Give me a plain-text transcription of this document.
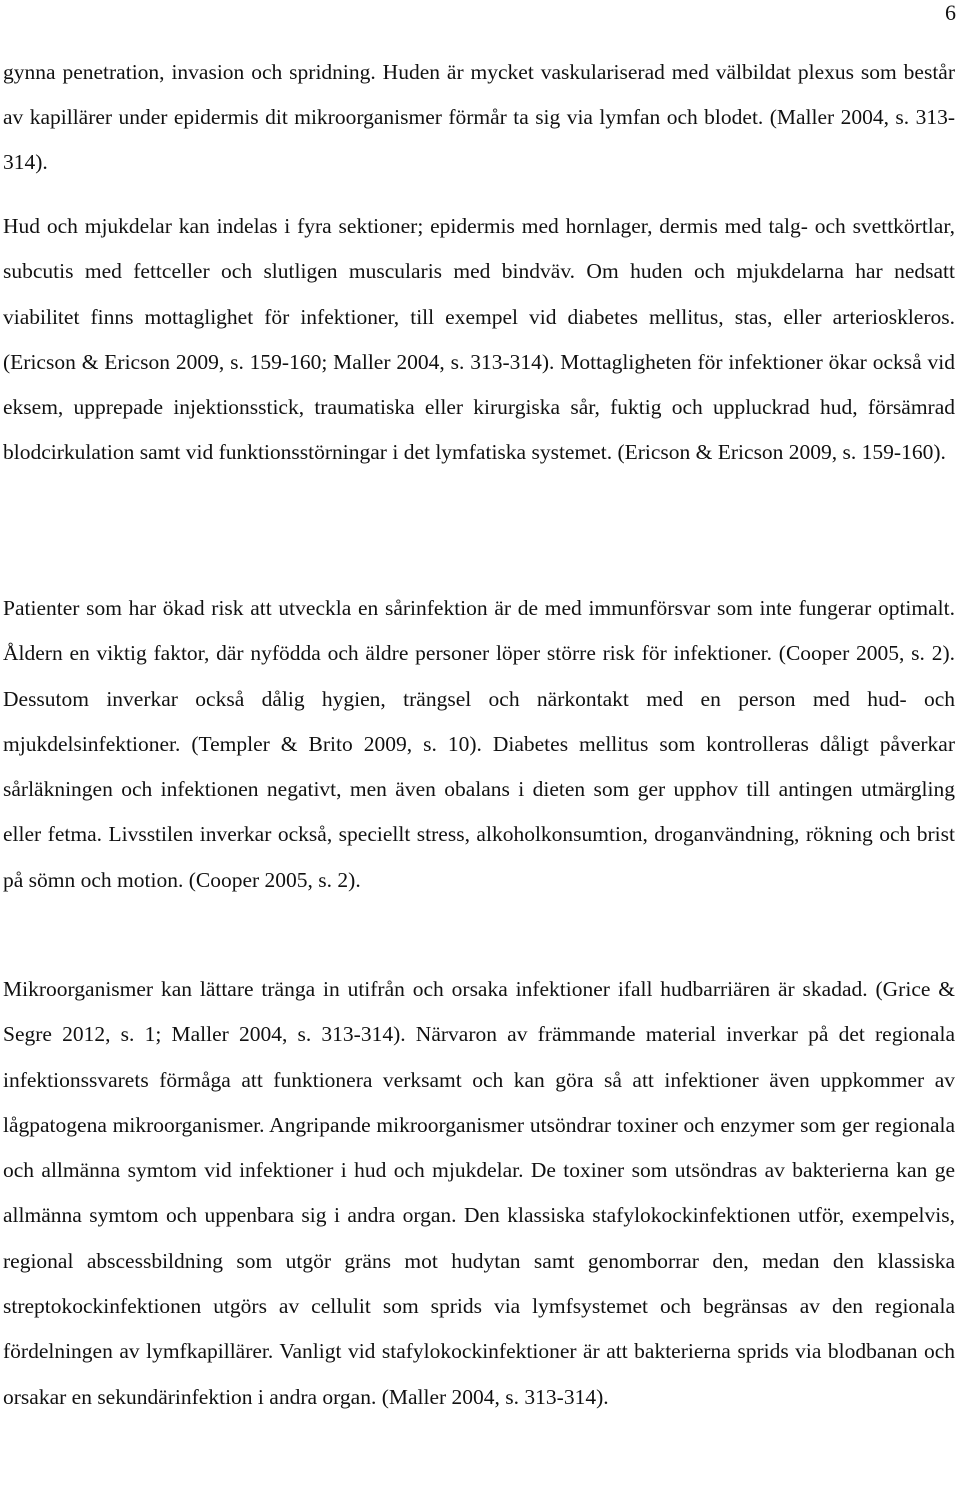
6

gynna penetration, invasion och spridning. Huden är mycket vaskulariserad med välbildat plexus som består av kapillärer under epidermis dit mikroorganismer förmår ta sig via lymfan och blodet. (Maller 2004, s. 313-314).

Hud och mjukdelar kan indelas i fyra sektioner; epidermis med hornlager, dermis med talg- och svettkörtlar, subcutis med fettceller och slutligen muscularis med bindväv. Om huden och mjukdelarna har nedsatt viabilitet finns mottaglighet för infektioner, till exempel vid diabetes mellitus, stas, eller arterioskleros. (Ericson & Ericson 2009, s. 159-160; Maller 2004, s. 313-314). Mottagligheten för infektioner ökar också vid eksem, upprepade injektionsstick, traumatiska eller kirurgiska sår, fuktig och uppluckrad hud, försämrad blodcirkulation samt vid funktionsstörningar i det lymfatiska systemet. (Ericson & Ericson 2009, s. 159-160).

Patienter som har ökad risk att utveckla en sårinfektion är de med immunförsvar som inte fungerar optimalt. Åldern en viktig faktor, där nyfödda och äldre personer löper större risk för infektioner. (Cooper 2005, s. 2). Dessutom inverkar också dålig hygien, trängsel och närkontakt med en person med hud- och mjukdelsinfektioner. (Templer & Brito 2009, s. 10). Diabetes mellitus som kontrolleras dåligt påverkar sårläkningen och infektionen negativt, men även obalans i dieten som ger upphov till antingen utmärgling eller fetma. Livsstilen inverkar också, speciellt stress, alkoholkonsumtion, droganvändning, rökning och brist på sömn och motion. (Cooper 2005, s. 2).

Mikroorganismer kan lättare tränga in utifrån och orsaka infektioner ifall hudbarriären är skadad. (Grice & Segre 2012, s. 1; Maller 2004, s. 313-314). Närvaron av främmande material inverkar på det regionala infektionssvarets förmåga att funktionera verksamt och kan göra så att infektioner även uppkommer av lågpatogena mikroorganismer. Angripande mikroorganismer utsöndrar toxiner och enzymer som ger regionala och allmänna symtom vid infektioner i hud och mjukdelar. De toxiner som utsöndras av bakterierna kan ge allmänna symtom och uppenbara sig i andra organ. Den klassiska stafylokockinfektionen utför, exempelvis, regional abscessbildning som utgör gräns mot hudytan samt genomborrar den, medan den klassiska streptokockinfektionen utgörs av cellulit som sprids via lymfsystemet och begränsas av den regionala fördelningen av lymfkapillärer. Vanligt vid stafylokockinfektioner är att bakterierna sprids via blodbanan och orsakar en sekundärinfektion i andra organ. (Maller 2004, s. 313-314).
